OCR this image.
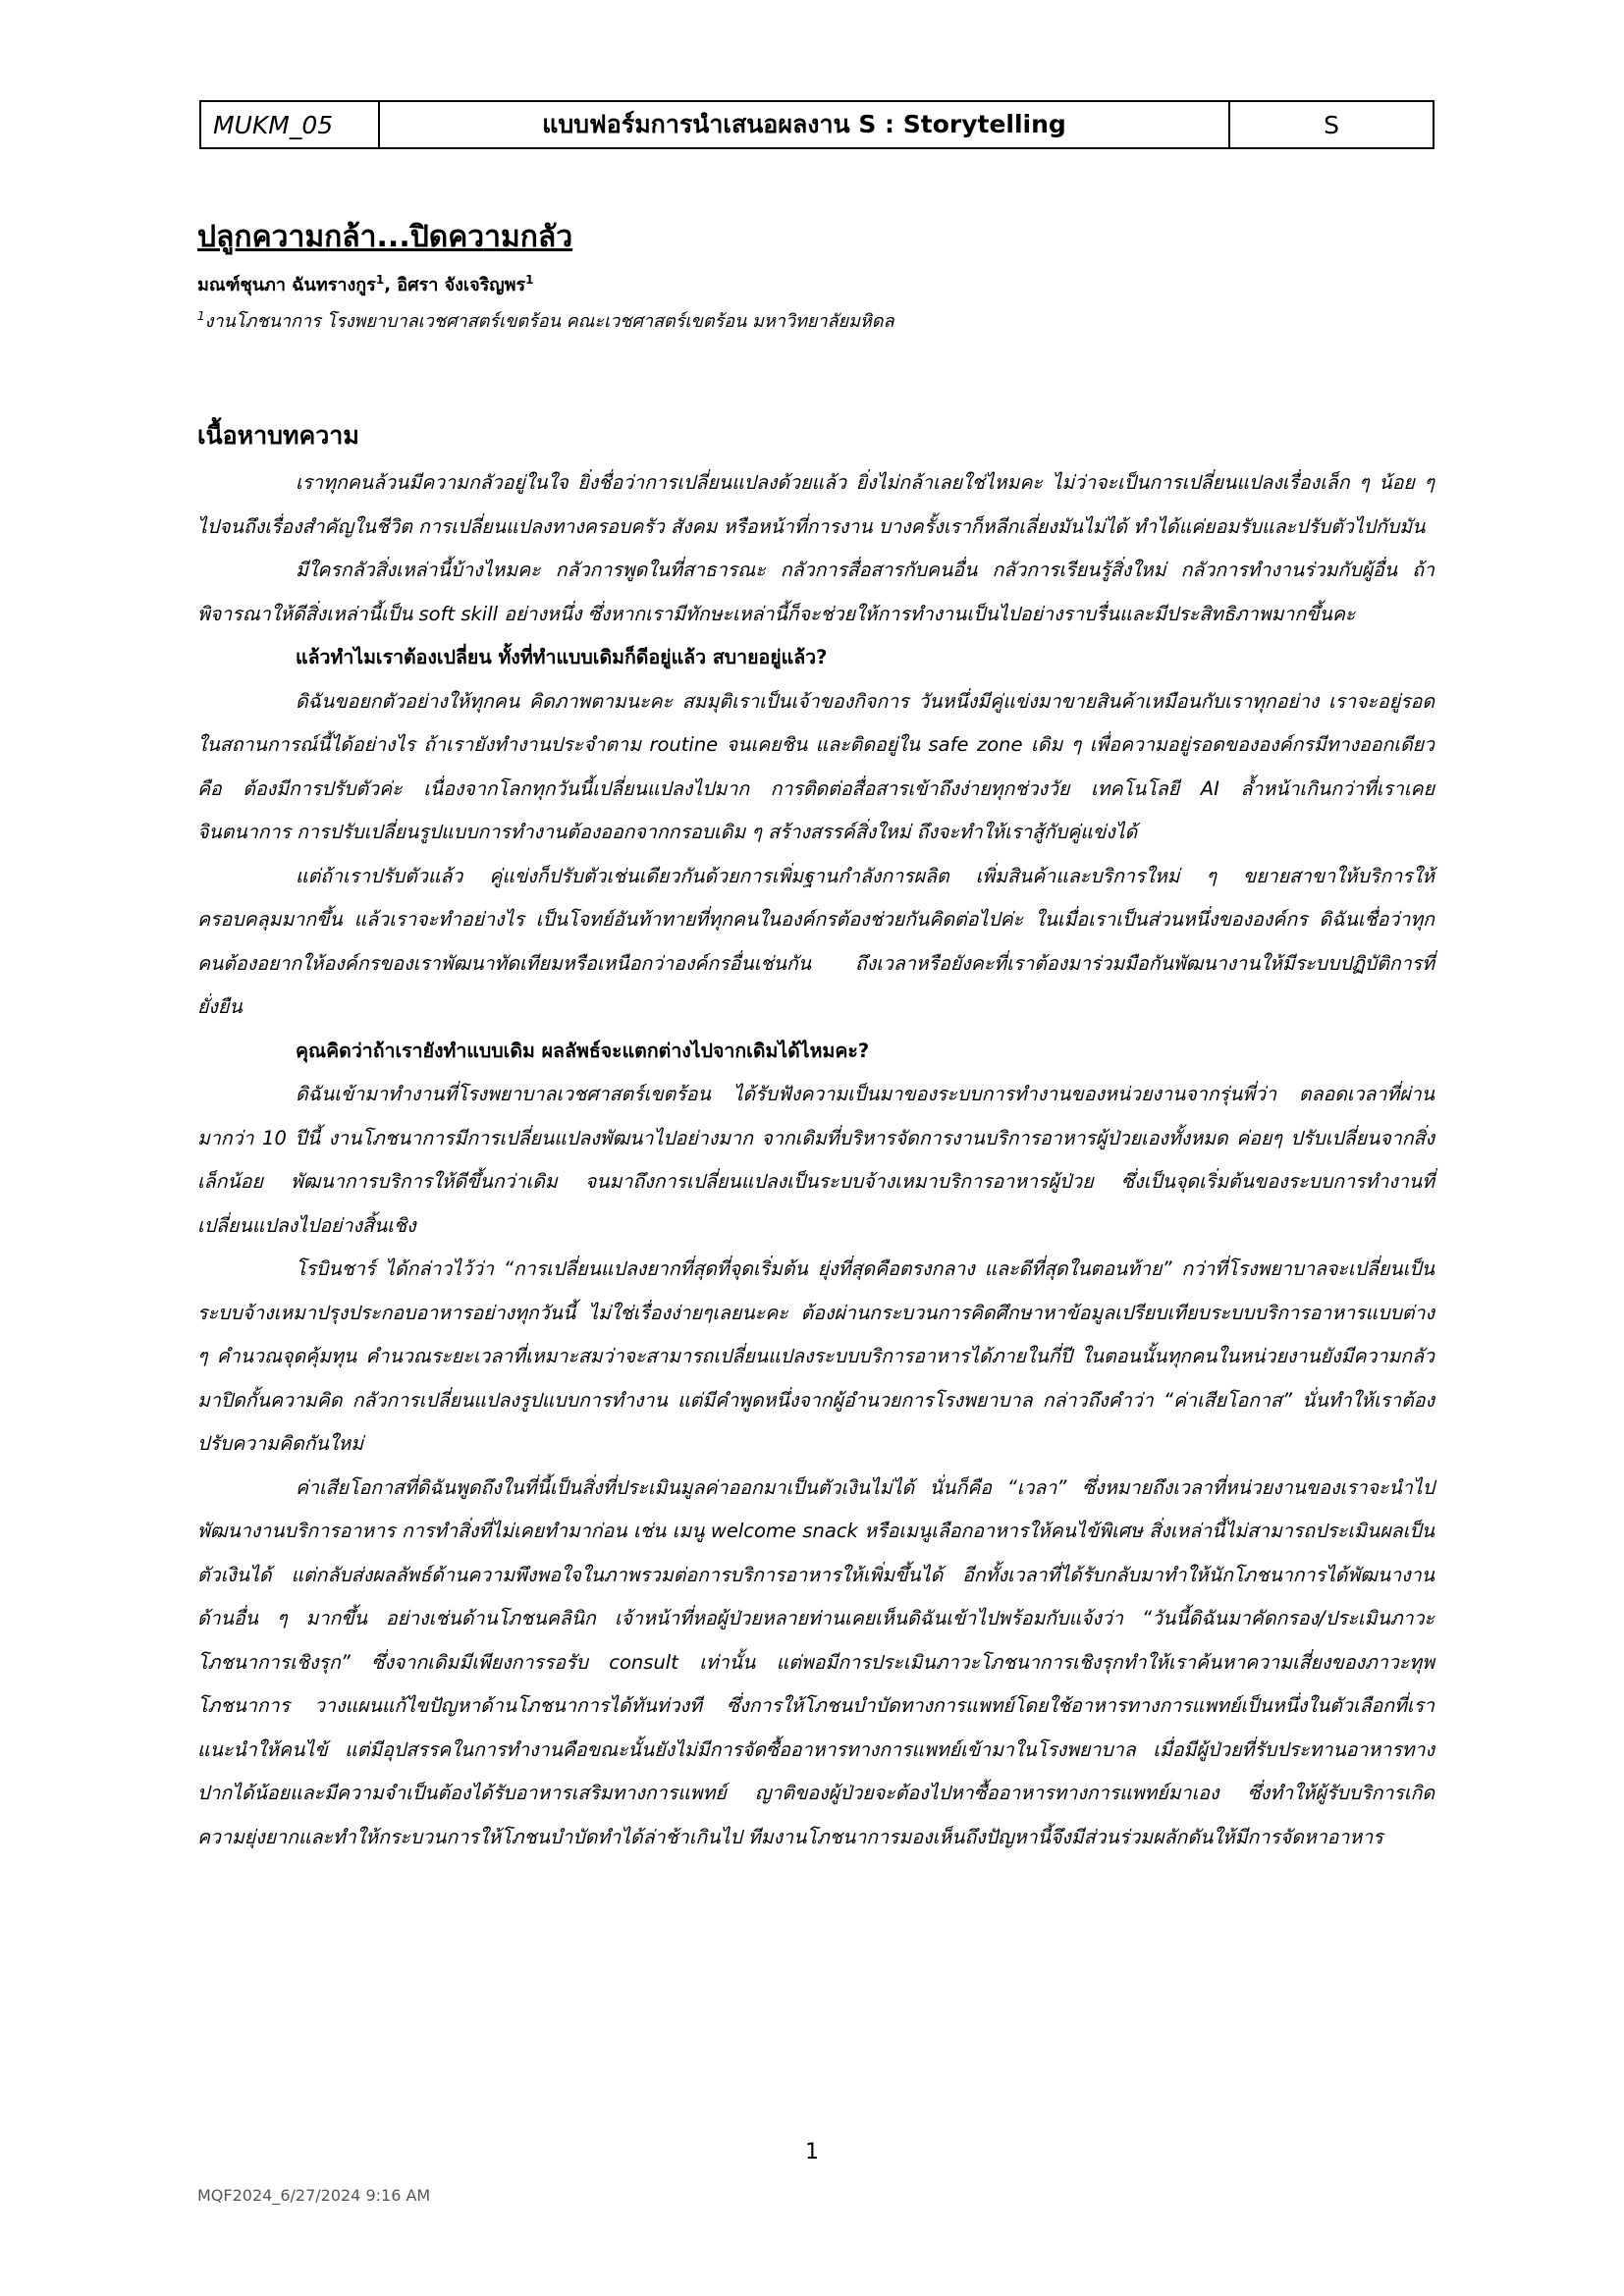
MUKM_05	แบบฟอร์มการนำเสนอผลงาน S : Storytelling	S
ปลูกความกล้า...ปิดความกลัว

มณฑ์ชุนภา ฉันทรางกูร$^1$, อิศรา จังเจริญพร$^1$

$^1$งานโภชนาการ โรงพยาบาลเวชศาสตร์เขตร้อน คณะเวชศาสตร์เขตร้อน มหาวิทยาลัยมหิดล

เนื้อหาบทความ

เราทุกคนล้วนมีความกลัวอยู่ในใจ ยิ่งชื่อว่าการเปลี่ยนแปลงด้วยแล้ว ยิ่งไม่กล้าเลยใช่ไหมคะ ไม่ว่าจะเป็นการเปลี่ยนแปลงเรื่องเล็ก ๆ น้อย ๆ ไปจนถึงเรื่องสำคัญในชีวิต การเปลี่ยนแปลงทางครอบครัว สังคม หรือหน้าที่การงาน บางครั้งเราก็หลีกเลี่ยงมันไม่ได้ ทำได้แค่ยอมรับและปรับตัวไปกับมัน

มีใครกลัวสิ่งเหล่านี้บ้างไหมคะ กลัวการพูดในที่สาธารณะ กลัวการสื่อสารกับคนอื่น กลัวการเรียนรู้สิ่งใหม่ กลัวการทำงานร่วมกับผู้อื่น ถ้าพิจารณาให้ดีสิ่งเหล่านี้เป็น soft skill อย่างหนึ่ง ซึ่งหากเรามีทักษะเหล่านี้ก็จะช่วยให้การทำงานเป็นไปอย่างราบรื่นและมีประสิทธิภาพมากขึ้นคะ

แล้วทำไมเราต้องเปลี่ยน ทั้งที่ทำแบบเดิมก็ดีอยู่แล้ว สบายอยู่แล้ว?

ดิฉันขอยกตัวอย่างให้ทุกคน คิดภาพตามนะคะ สมมุติเราเป็นเจ้าของกิจการ วันหนึ่งมีคู่แข่งมาขายสินค้าเหมือนกับเราทุกอย่าง เราจะอยู่รอดในสถานการณ์นี้ได้อย่างไร ถ้าเรายังทำงานประจำตาม routine จนเคยชิน และติดอยู่ใน safe zone เดิม ๆ เพื่อความอยู่รอดขององค์กรมีทางออกเดียวคือ ต้องมีการปรับตัวค่ะ เนื่องจากโลกทุกวันนี้เปลี่ยนแปลงไปมาก การติดต่อสื่อสารเข้าถึงง่ายทุกช่วงวัย เทคโนโลยี AI ล้ำหน้าเกินกว่าที่เราเคยจินตนาการ การปรับเปลี่ยนรูปแบบการทำงานต้องออกจากกรอบเดิม ๆ สร้างสรรค์สิ่งใหม่ ถึงจะทำให้เราสู้กับคู่แข่งได้

แต่ถ้าเราปรับตัวแล้ว คู่แข่งก็ปรับตัวเช่นเดียวกันด้วยการเพิ่มฐานกำลังการผลิต เพิ่มสินค้าและบริการใหม่ ๆ ขยายสาขาให้บริการให้ครอบคลุมมากขึ้น แล้วเราจะทำอย่างไร เป็นโจทย์อันท้าทายที่ทุกคนในองค์กรต้องช่วยกันคิดต่อไปค่ะ ในเมื่อเราเป็นส่วนหนึ่งขององค์กร ดิฉันเชื่อว่าทุกคนต้องอยากให้องค์กรของเราพัฒนาทัดเทียมหรือเหนือกว่าองค์กรอื่นเช่นกัน ถึงเวลาหรือยังคะที่เราต้องมาร่วมมือกันพัฒนางานให้มีระบบปฏิบัติการที่ยั่งยืน

คุณคิดว่าถ้าเรายังทำแบบเดิม ผลลัพธ์จะแตกต่างไปจากเดิมได้ไหมคะ?

ดิฉันเข้ามาทำงานที่โรงพยาบาลเวชศาสตร์เขตร้อน ได้รับฟังความเป็นมาของระบบการทำงานของหน่วยงานจากรุ่นพี่ว่า ตลอดเวลาที่ผ่านมากว่า 10 ปีนี้ งานโภชนาการมีการเปลี่ยนแปลงพัฒนาไปอย่างมาก จากเดิมที่บริหารจัดการงานบริการอาหารผู้ป่วยเองทั้งหมด ค่อยๆ ปรับเปลี่ยนจากสิ่งเล็กน้อย พัฒนาการบริการให้ดีขึ้นกว่าเดิม จนมาถึงการเปลี่ยนแปลงเป็นระบบจ้างเหมาบริการอาหารผู้ป่วย ซึ่งเป็นจุดเริ่มต้นของระบบการทำงานที่เปลี่ยนแปลงไปอย่างสิ้นเชิง

โรบินชาร์ ได้กล่าวไว้ว่า “การเปลี่ยนแปลงยากที่สุดที่จุดเริ่มต้น ยุ่งที่สุดคือตรงกลาง และดีที่สุดในตอนท้าย” กว่าที่โรงพยาบาลจะเปลี่ยนเป็นระบบจ้างเหมาปรุงประกอบอาหารอย่างทุกวันนี้ ไม่ใช่เรื่องง่ายๆเลยนะคะ ต้องผ่านกระบวนการคิดศึกษาหาข้อมูลเปรียบเทียบระบบบริการอาหารแบบต่าง ๆ คำนวณจุดคุ้มทุน คำนวณระยะเวลาที่เหมาะสมว่าจะสามารถเปลี่ยนแปลงระบบบริการอาหารได้ภายในกี่ปี ในตอนนั้นทุกคนในหน่วยงานยังมีความกลัวมาปิดกั้นความคิด กลัวการเปลี่ยนแปลงรูปแบบการทำงาน แต่มีคำพูดหนึ่งจากผู้อำนวยการโรงพยาบาล กล่าวถึงคำว่า “ค่าเสียโอกาส” นั่นทำให้เราต้องปรับความคิดกันใหม่

ค่าเสียโอกาสที่ดิฉันพูดถึงในที่นี้เป็นสิ่งที่ประเมินมูลค่าออกมาเป็นตัวเงินไม่ได้ นั่นก็คือ “เวลา” ซึ่งหมายถึงเวลาที่หน่วยงานของเราจะนำไปพัฒนางานบริการอาหาร การทำสิ่งที่ไม่เคยทำมาก่อน เช่น เมนู welcome snack หรือเมนูเลือกอาหารให้คนไข้พิเศษ สิ่งเหล่านี้ไม่สามารถประเมินผลเป็นตัวเงินได้ แต่กลับส่งผลลัพธ์ด้านความพึงพอใจในภาพรวมต่อการบริการอาหารให้เพิ่มขึ้นได้ อีกทั้งเวลาที่ได้รับกลับมาทำให้นักโภชนาการได้พัฒนางานด้านอื่น ๆ มากขึ้น อย่างเช่นด้านโภชนคลินิก เจ้าหน้าที่หอผู้ป่วยหลายท่านเคยเห็นดิฉันเข้าไปพร้อมกับแจ้งว่า “วันนี้ดิฉันมาคัดกรอง/ประเมินภาวะโภชนาการเชิงรุก” ซึ่งจากเดิมมีเพียงการรอรับ consult เท่านั้น แต่พอมีการประเมินภาวะโภชนาการเชิงรุกทำให้เราค้นหาความเสี่ยงของภาวะทุพโภชนาการ วางแผนแก้ไขปัญหาด้านโภชนาการได้ทันท่วงที ซึ่งการให้โภชนบำบัดทางการแพทย์โดยใช้อาหารทางการแพทย์เป็นหนึ่งในตัวเลือกที่เราแนะนำให้คนไข้ แต่มีอุปสรรคในการทำงานคือขณะนั้นยังไม่มีการจัดซื้ออาหารทางการแพทย์เข้ามาในโรงพยาบาล เมื่อมีผู้ป่วยที่รับประทานอาหารทางปากได้น้อยและมีความจำเป็นต้องได้รับอาหารเสริมทางการแพทย์ ญาติของผู้ป่วยจะต้องไปหาซื้ออาหารทางการแพทย์มาเอง ซึ่งทำให้ผู้รับบริการเกิดความยุ่งยากและทำให้กระบวนการให้โภชนบำบัดทำได้ล่าช้าเกินไป ทีมงานโภชนาการมองเห็นถึงปัญหานี้จึงมีส่วนร่วมผลักดันให้มีการจัดหาอาหาร

1
MQF2024_6/27/2024 9:16 AM
